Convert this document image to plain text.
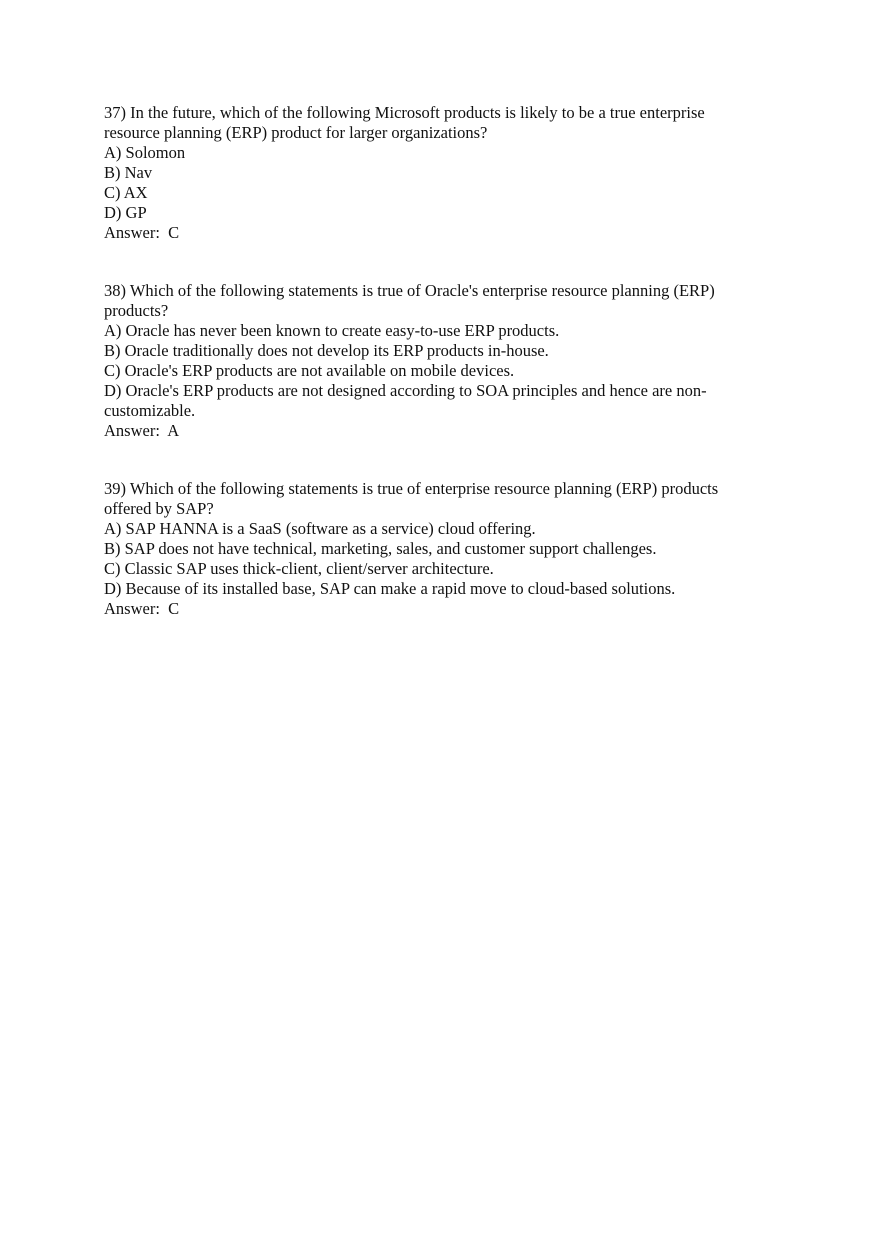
37) In the future, which of the following Microsoft products is likely to be a true enterprise resource planning (ERP) product for larger organizations?

A) Solomon

B) Nav

C) AX

D) GP

Answer:  C

38) Which of the following statements is true of Oracle's enterprise resource planning (ERP) products?

A) Oracle has never been known to create easy-to-use ERP products.

B) Oracle traditionally does not develop its ERP products in-house.

C) Oracle's ERP products are not available on mobile devices.

D) Oracle's ERP products are not designed according to SOA principles and hence are non-customizable.

Answer:  A

39) Which of the following statements is true of enterprise resource planning (ERP) products offered by SAP?

A) SAP HANNA is a SaaS (software as a service) cloud offering.

B) SAP does not have technical, marketing, sales, and customer support challenges.

C) Classic SAP uses thick-client, client/server architecture.

D) Because of its installed base, SAP can make a rapid move to cloud-based solutions.

Answer:  C
